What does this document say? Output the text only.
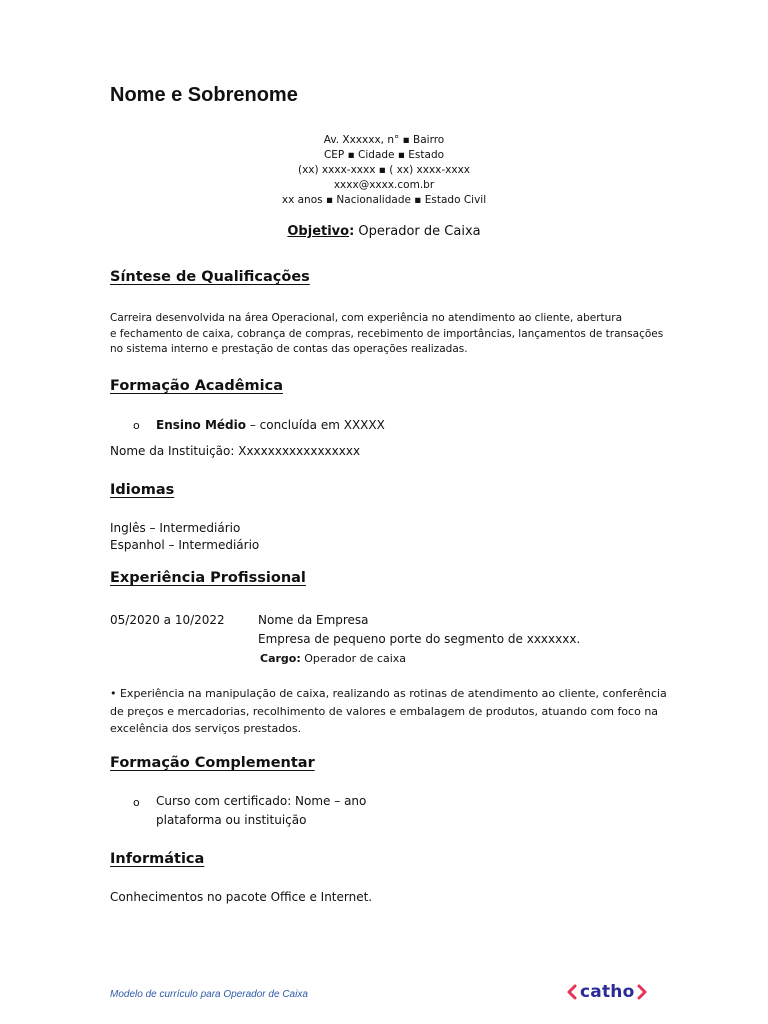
Nome e Sobrenome
Av. Xxxxxx, n° ▪ Bairro
CEP ▪ Cidade ▪ Estado
(xx) xxxx-xxxx ▪ ( xx) xxxx-xxxx
xxxx@xxxx.com.br
xx anos ▪ Nacionalidade ▪ Estado Civil
Objetivo: Operador de Caixa
Síntese de Qualificações
Carreira desenvolvida na área Operacional, com experiência no atendimento ao cliente, abertura
e fechamento de caixa, cobrança de compras, recebimento de importâncias, lançamentos de transações
no sistema interno e prestação de contas das operações realizadas.
Formação Acadêmica
o Ensino Médio – concluída em XXXXX
Nome da Instituição: Xxxxxxxxxxxxxxxxx
Idiomas
Inglês – Intermediário
Espanhol – Intermediário
Experiência Profissional
05/2020 a 10/2022	Nome da Empresa
Empresa de pequeno porte do segmento de xxxxxxx.
Cargo: Operador de caixa
• Experiência na manipulação de caixa, realizando as rotinas de atendimento ao cliente, conferência
de preços e mercadorias, recolhimento de valores e embalagem de produtos, atuando com foco na
excelência dos serviços prestados.
Formação Complementar
o Curso com certificado: Nome – ano
plataforma ou instituição
Informática
Conhecimentos no pacote Office e Internet.
Modelo de currículo para Operador de Caixa	catho
